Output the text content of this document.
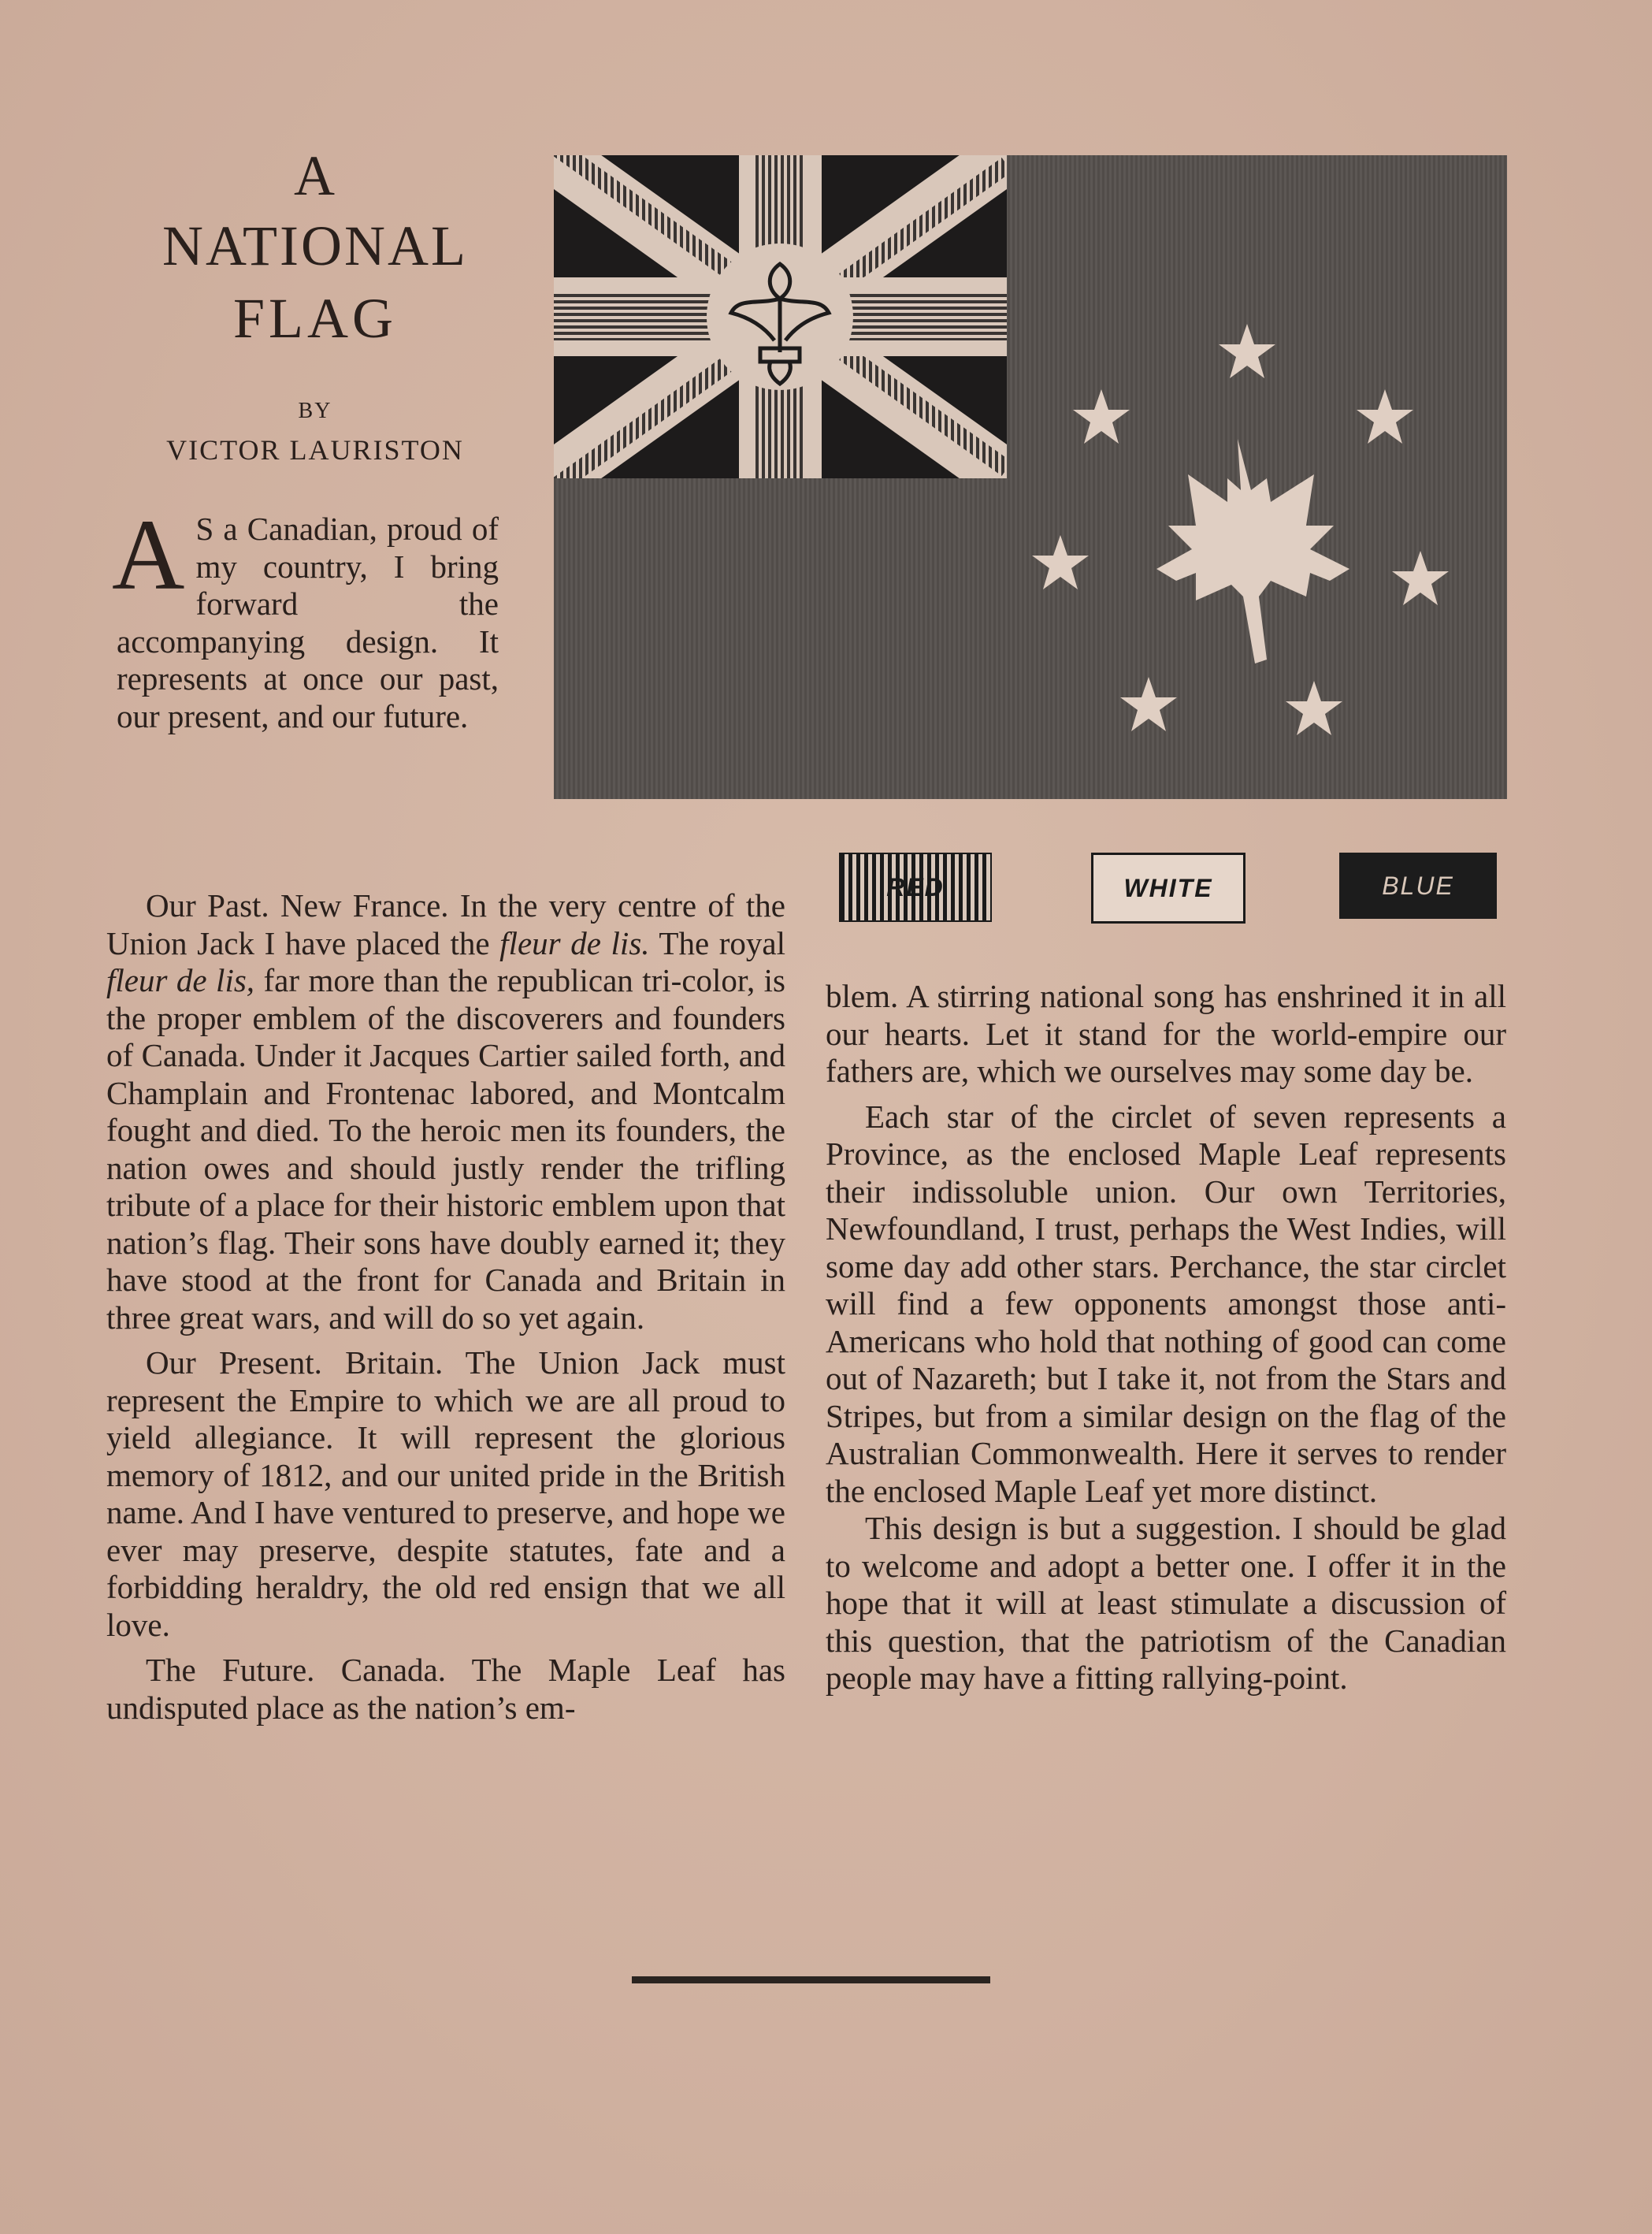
A
NATIONAL
FLAG
BY
VICTOR LAURISTON

A S a Canadian, proud of my country, I bring forward the accompanying design. It represents at once our past, our present, and our future.

Our Past. New France. In the very centre of the Union Jack I have placed the fleur de lis. The royal fleur de lis, far more than the republican tri-color, is the proper emblem of the discoverers and founders of Canada. Under it Jacques Cartier sailed forth, and Champlain and Frontenac labored, and Montcalm fought and died. To the heroic men its founders, the nation owes and should justly render the trifling tribute of a place for their historic emblem upon that nation’s flag. Their sons have doubly earned it; they have stood at the front for Canada and Britain in three great wars, and will do so yet again.

Our Present. Britain. The Union Jack must represent the Empire to which we are all proud to yield allegiance. It will represent the glorious memory of 1812, and our united pride in the British name. And I have ventured to preserve, and hope we ever may preserve, despite statutes, fate and a forbidding heraldry, the old red ensign that we all love.

The Future. Canada. The Maple Leaf has undisputed place as the nation’s em-

RED	WHITE	BLUE

blem. A stirring national song has enshrined it in all our hearts. Let it stand for the world-empire our fathers are, which we ourselves may some day be.

Each star of the circlet of seven represents a Province, as the enclosed Maple Leaf represents their indissoluble union. Our own Territories, Newfoundland, I trust, perhaps the West Indies, will some day add other stars. Perchance, the star circlet will find a few opponents amongst those anti-Americans who hold that nothing of good can come out of Nazareth; but I take it, not from the Stars and Stripes, but from a similar design on the flag of the Australian Commonwealth. Here it serves to render the enclosed Maple Leaf yet more distinct.

This design is but a suggestion. I should be glad to welcome and adopt a better one. I offer it in the hope that it will at least stimulate a discussion of this question, that the patriotism of the Canadian people may have a fitting rallying-point.
